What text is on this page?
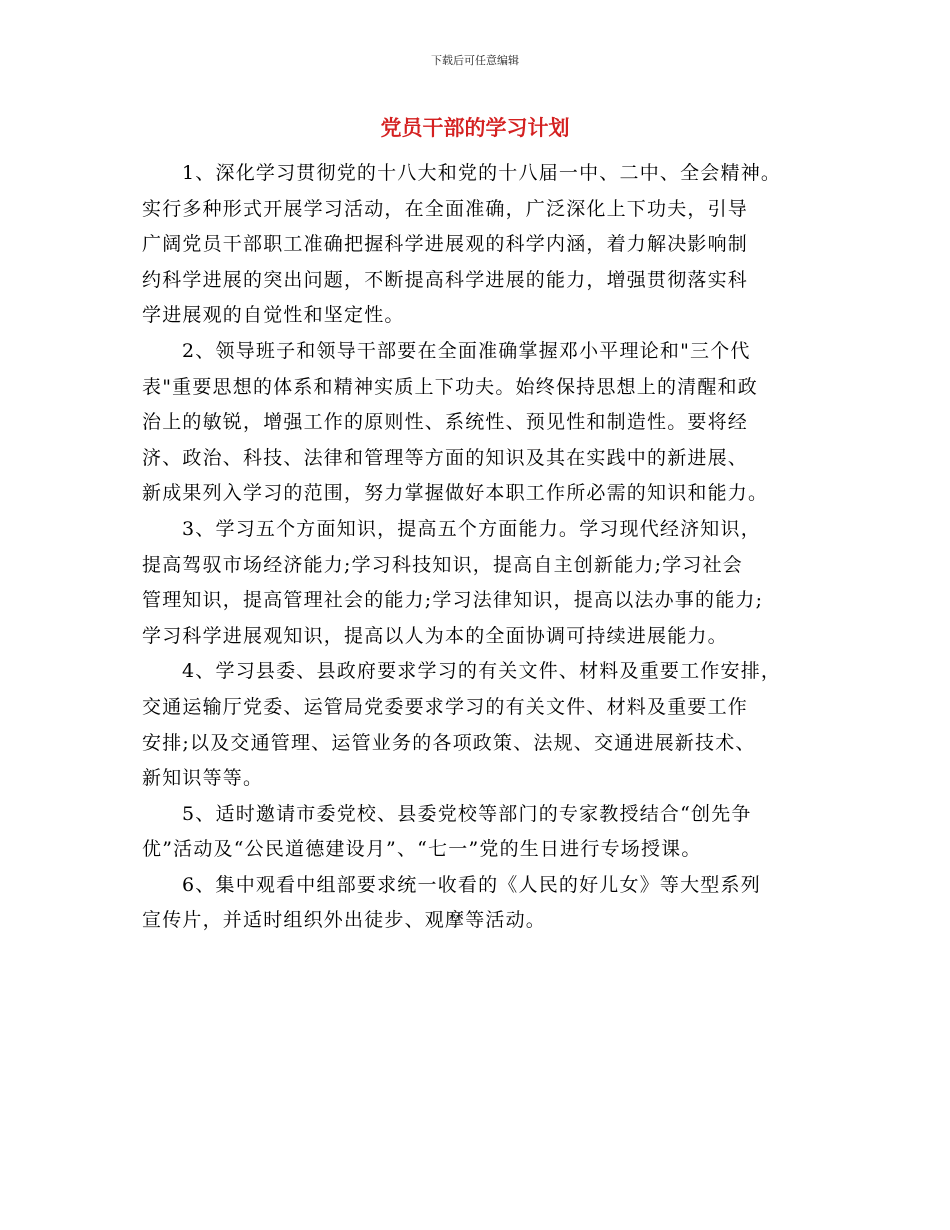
下载后可任意编辑
党员干部的学习计划
1、深化学习贯彻党的十八大和党的十八届一中、二中、全会精神。
实行多种形式开展学习活动，在全面准确，广泛深化上下功夫，引导
广阔党员干部职工准确把握科学进展观的科学内涵，着力解决影响制
约科学进展的突出问题，不断提高科学进展的能力，增强贯彻落实科
学进展观的自觉性和坚定性。
2、领导班子和领导干部要在全面准确掌握邓小平理论和"三个代
表"重要思想的体系和精神实质上下功夫。始终保持思想上的清醒和政
治上的敏锐，增强工作的原则性、系统性、预见性和制造性。要将经
济、政治、科技、法律和管理等方面的知识及其在实践中的新进展、
新成果列入学习的范围，努力掌握做好本职工作所必需的知识和能力。
3、学习五个方面知识，提高五个方面能力。学习现代经济知识，
提高驾驭市场经济能力;学习科技知识，提高自主创新能力;学习社会
管理知识，提高管理社会的能力;学习法律知识，提高以法办事的能力;
学习科学进展观知识，提高以人为本的全面协调可持续进展能力。
4、学习县委、县政府要求学习的有关文件、材料及重要工作安排，
交通运输厅党委、运管局党委要求学习的有关文件、材料及重要工作
安排;以及交通管理、运管业务的各项政策、法规、交通进展新技术、
新知识等等。
5、适时邀请市委党校、县委党校等部门的专家教授结合“创先争
优”活动及“公民道德建设月”、“七一”党的生日进行专场授课。
6、集中观看中组部要求统一收看的《人民的好儿女》等大型系列
宣传片，并适时组织外出徒步、观摩等活动。
